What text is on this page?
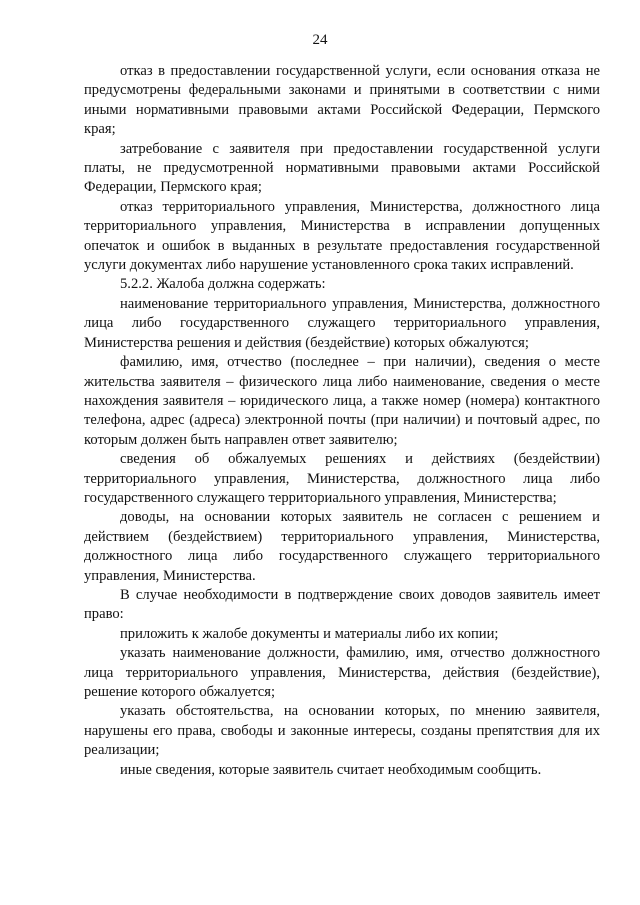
24

отказ в предоставлении государственной услуги, если основания отказа не предусмотрены федеральными законами и принятыми в соответствии с ними иными нормативными правовыми актами Российской Федерации, Пермского края;

затребование с заявителя при предоставлении государственной услуги платы, не предусмотренной нормативными правовыми актами Российской Федерации, Пермского края;

отказ территориального управления, Министерства, должностного лица территориального управления, Министерства в исправлении допущенных опечаток и ошибок в выданных в результате предоставления государственной услуги документах либо нарушение установленного срока таких исправлений.

5.2.2. Жалоба должна содержать:

наименование территориального управления, Министерства, должностного лица либо государственного служащего территориального управления, Министерства решения и действия (бездействие) которых обжалуются;

фамилию, имя, отчество (последнее – при наличии), сведения о месте жительства заявителя – физического лица либо наименование, сведения о месте нахождения заявителя – юридического лица, а также номер (номера) контактного телефона, адрес (адреса) электронной почты (при наличии) и почтовый адрес, по которым должен быть направлен ответ заявителю;

сведения об обжалуемых решениях и действиях (бездействии) территориального управления, Министерства, должностного лица либо государственного служащего территориального управления, Министерства;

доводы, на основании которых заявитель не согласен с решением и действием (бездействием) территориального управления, Министерства, должностного лица либо государственного служащего территориального управления, Министерства.

В случае необходимости в подтверждение своих доводов заявитель имеет право:

приложить к жалобе документы и материалы либо их копии;

указать наименование должности, фамилию, имя, отчество должностного лица территориального управления, Министерства, действия (бездействие), решение которого обжалуется;

указать обстоятельства, на основании которых, по мнению заявителя, нарушены его права, свободы и законные интересы, созданы препятствия для их реализации;

иные сведения, которые заявитель считает необходимым сообщить.
